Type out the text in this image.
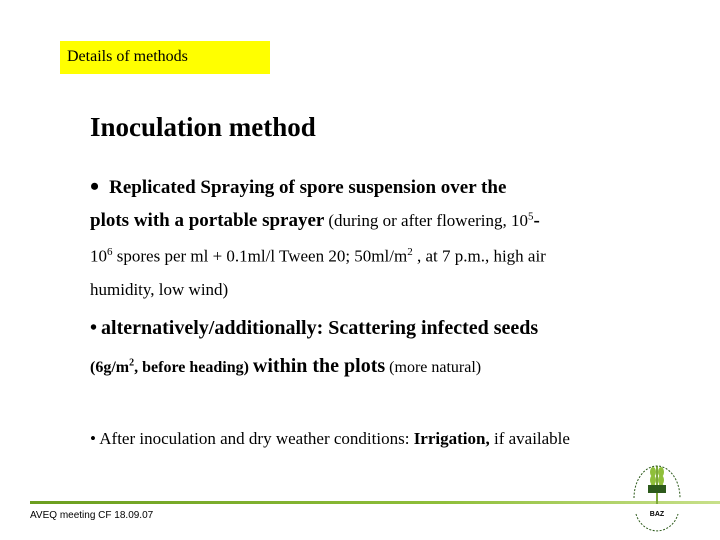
Details of methods
Inoculation method
• Replicated Spraying of spore suspension over the
plots with a portable sprayer (during or after flowering, $10^5-$
$10^6$ spores per ml + 0.1ml/l Tween 20; $50ml/m^2$ , at 7 p.m., high air
humidity, low wind)
• alternatively/additionally: Scattering infected seeds
($6g/m^2$, before heading) within the plots (more natural)
• After inoculation and dry weather conditions: Irrigation, if available
AVEQ meeting CF 18.09.07	BAZ
